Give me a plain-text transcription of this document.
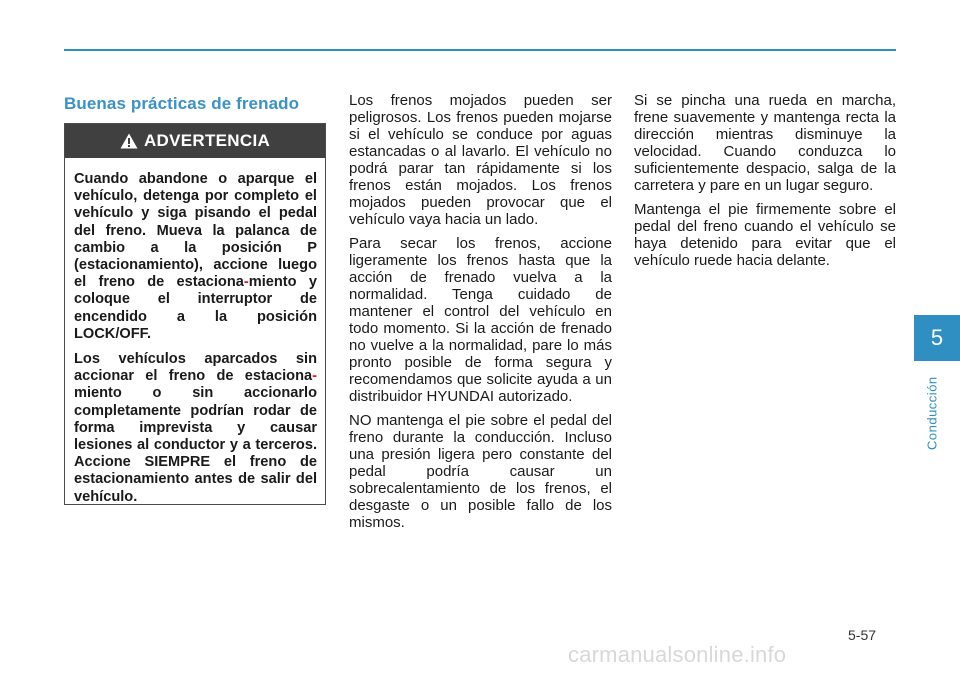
Buenas prácticas de frenado
ADVERTENCIA

Cuando abandone o aparque el vehículo, detenga por completo el vehículo y siga pisando el pedal del freno. Mueva la palanca de cambio a la posición P (estacionamiento), accione luego el freno de estaciona-miento y coloque el interruptor de encendido a la posición LOCK/OFF.

Los vehículos aparcados sin accionar el freno de estaciona-miento o sin accionarlo completamente podrían rodar de forma imprevista y causar lesiones al conductor y a terceros. Accione SIEMPRE el freno de estacionamiento antes de salir del vehículo.

Los frenos mojados pueden ser peligrosos. Los frenos pueden mojarse si el vehículo se conduce por aguas estancadas o al lavarlo. El vehículo no podrá parar tan rápidamente si los frenos están mojados. Los frenos mojados pueden provocar que el vehículo vaya hacia un lado.

Para secar los frenos, accione ligeramente los frenos hasta que la acción de frenado vuelva a la normalidad. Tenga cuidado de mantener el control del vehículo en todo momento. Si la acción de frenado no vuelve a la normalidad, pare lo más pronto posible de forma segura y recomendamos que solicite ayuda a un distribuidor HYUNDAI autorizado.

NO mantenga el pie sobre el pedal del freno durante la conducción. Incluso una presión ligera pero constante del pedal podría causar un sobrecalentamiento de los frenos, el desgaste o un posible fallo de los mismos.

Si se pincha una rueda en marcha, frene suavemente y mantenga recta la dirección mientras disminuye la velocidad. Cuando conduzca lo suficientemente despacio, salga de la carretera y pare en un lugar seguro.

Mantenga el pie firmemente sobre el pedal del freno cuando el vehículo se haya detenido para evitar que el vehículo ruede hacia delante.

5
Conducción
5-57
carmanualsonline.info
